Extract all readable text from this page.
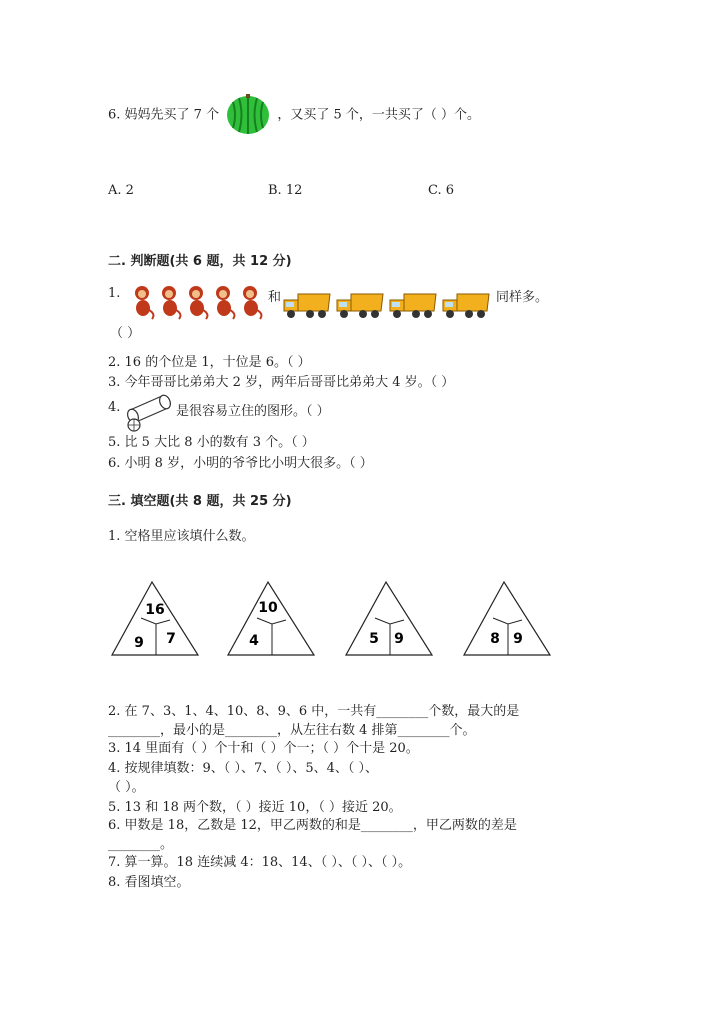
6. 妈妈先买了 7 个	，又买了 5 个，一共买了（ ）个。
A. 2	B. 12	C. 6
二. 判断题(共 6 题，共 12 分)
1.	和	同样多。
（ ）
2. 16 的个位是 1，十位是 6。（ ）
3. 今年哥哥比弟弟大 2 岁，两年后哥哥比弟弟大 4 岁。（ ）
4.	是很容易立住的图形。（ ）
5. 比 5 大比 8 小的数有 3 个。（ ）
6. 小明 8 岁，小明的爷爷比小明大很多。（ ）
三. 填空题(共 8 题，共 25 分)
1. 空格里应该填什么数。
16
9 7
10
4	5 9	8 9
2. 在 7、3、1、4、10、8、9、6 中，一共有________个数，最大的是
________，最小的是________，从左往右数 4 排第________个。
3. 14 里面有（ ）个十和（ ）个一；（ ）个十是 20。
4. 按规律填数：9、（ ）、7、（ ）、5、4、（ ）、
（ ）。
5. 13 和 18 两个数，（ ）接近 10，（ ）接近 20。
6. 甲数是 18，乙数是 12，甲乙两数的和是________，甲乙两数的差是
________。
7. 算一算。18 连续减 4：18、14、（ ）、（ ）、（ ）。
8. 看图填空。
